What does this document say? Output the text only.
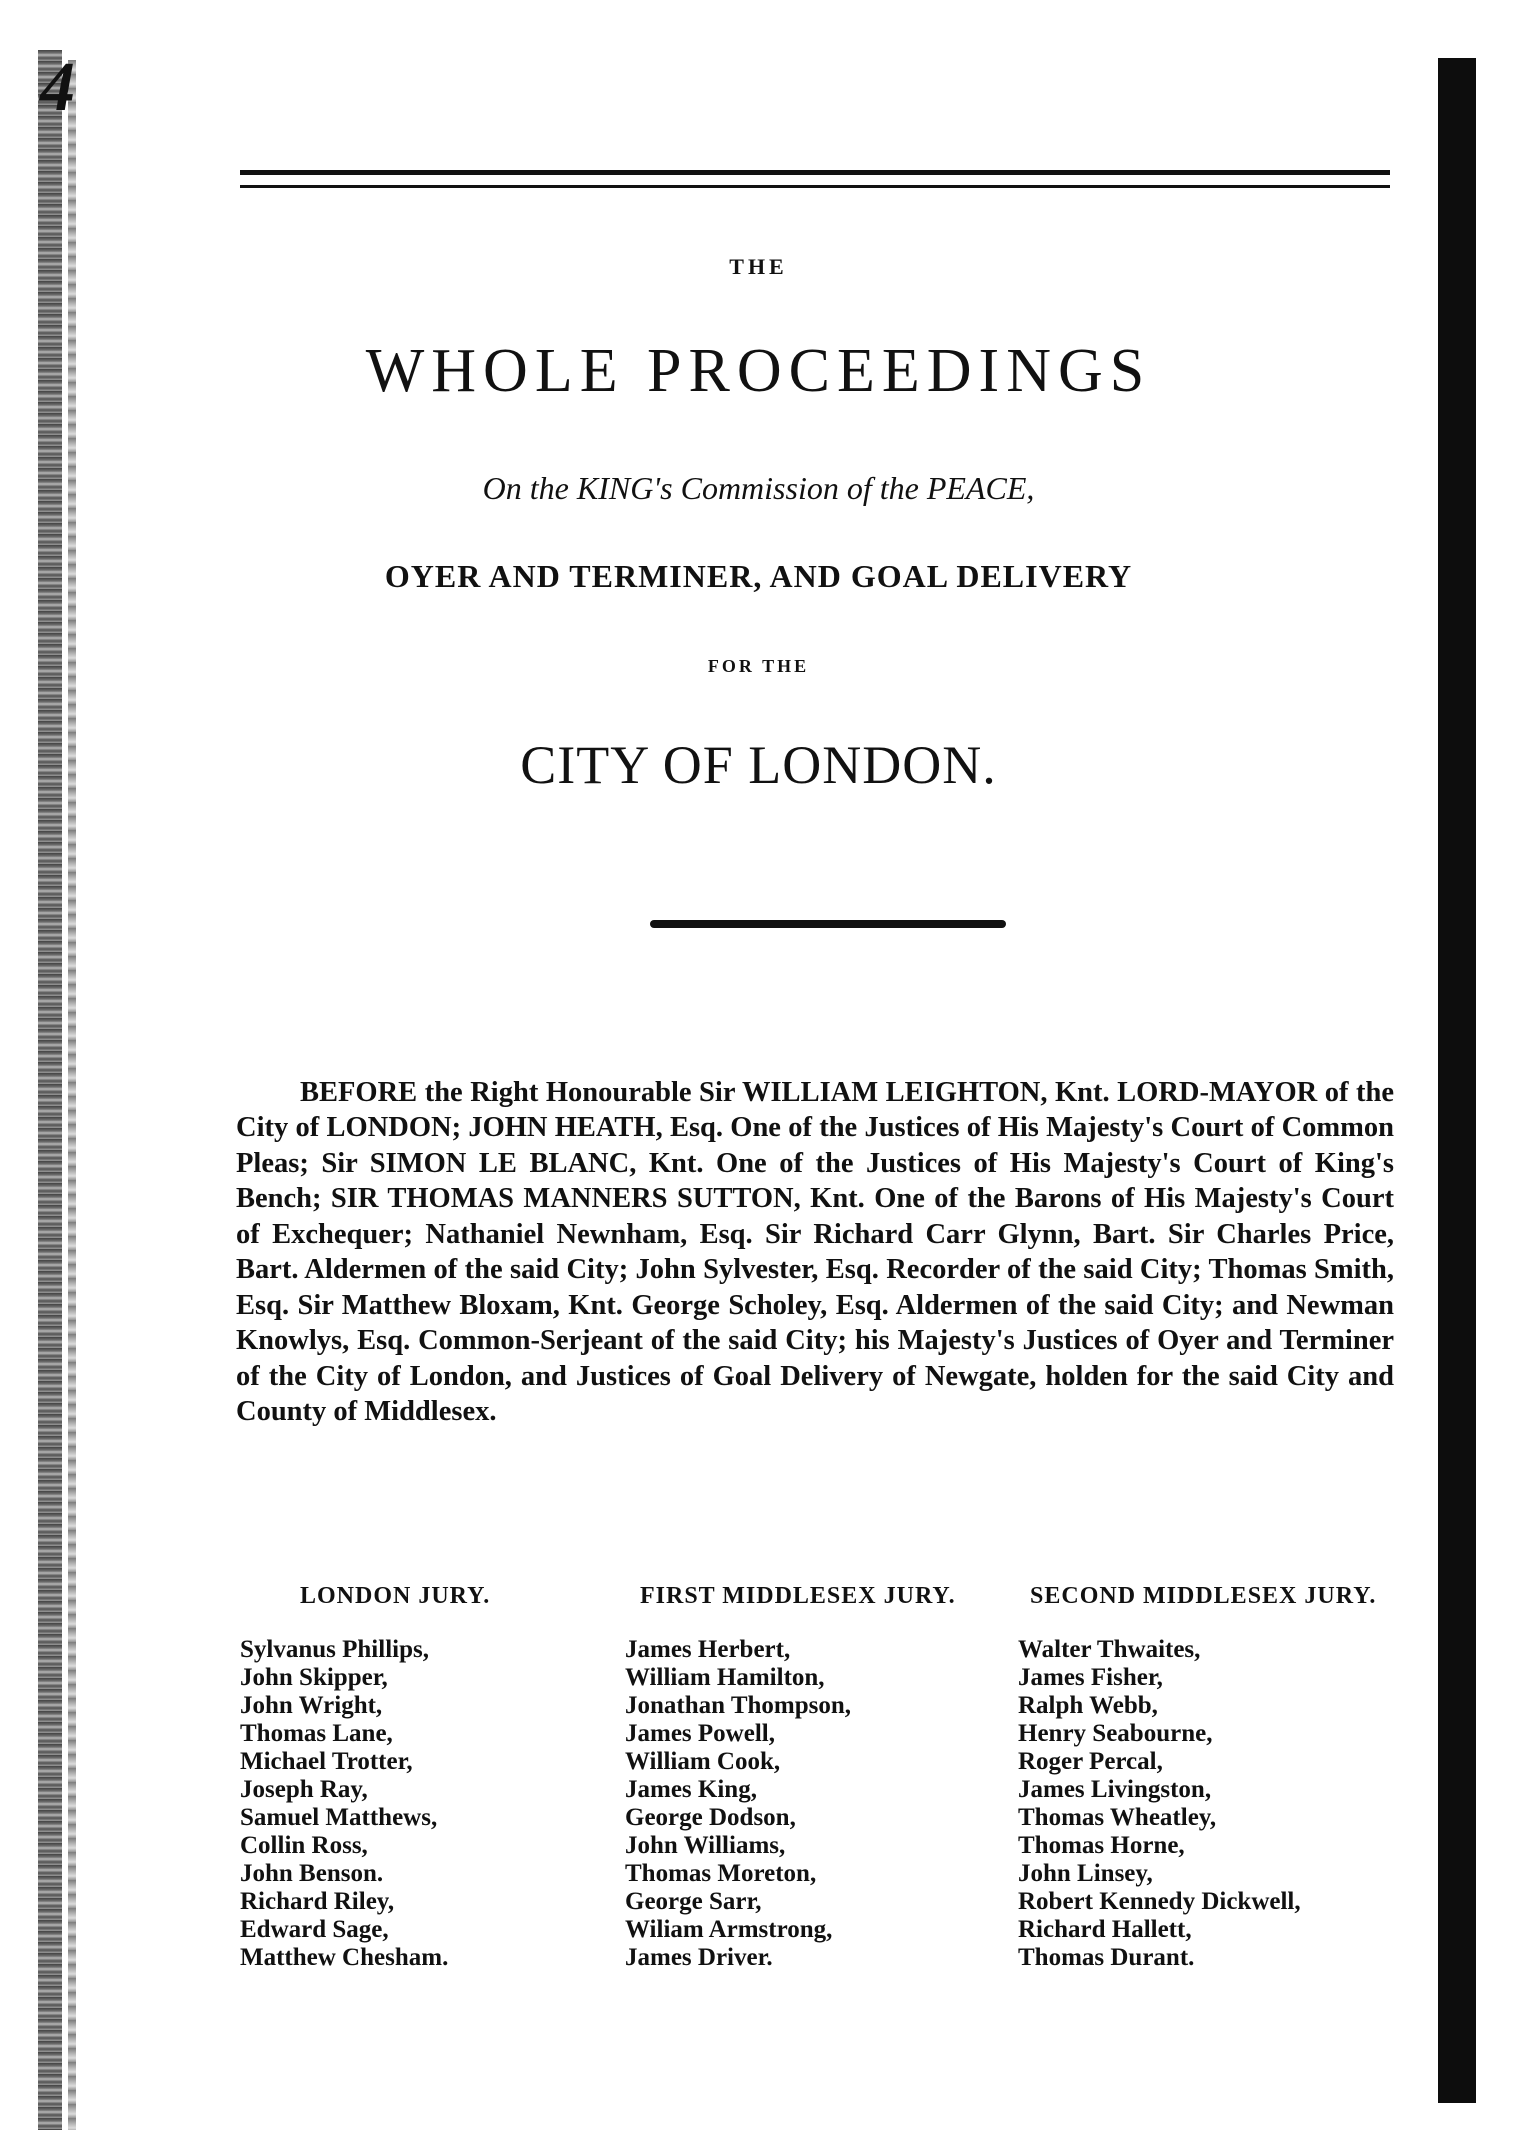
4
THE
WHOLE PROCEEDINGS
On the KING's Commission of the PEACE,
OYER AND TERMINER, AND GOAL DELIVERY
FOR THE
CITY OF LONDON.

BEFORE the Right Honourable Sir WILLIAM LEIGHTON, Knt. LORD-MAYOR of the City of LONDON; JOHN HEATH, Esq. One of the Justices of His Majesty's Court of Common Pleas; Sir SIMON LE BLANC, Knt. One of the Justices of His Majesty's Court of King's Bench; SIR THOMAS MANNERS SUTTON, Knt. One of the Barons of His Majesty's Court of Exchequer; Nathaniel Newnham, Esq. Sir Richard Carr Glynn, Bart. Sir Charles Price, Bart. Aldermen of the said City; John Sylvester, Esq. Recorder of the said City; Thomas Smith, Esq. Sir Matthew Bloxam, Knt. George Scholey, Esq. Aldermen of the said City; and Newman Knowlys, Esq. Common-Serjeant of the said City; his Majesty's Justices of Oyer and Terminer of the City of London, and Justices of Goal Delivery of Newgate, holden for the said City and County of Middlesex.

LONDON JURY.	FIRST MIDDLESEX JURY.	SECOND MIDDLESEX JURY.
Sylvanus Phillips,
John Skipper,
John Wright,
Thomas Lane,
Michael Trotter,
Joseph Ray,
Samuel Matthews,
Collin Ross,
John Benson.
Richard Riley,
Edward Sage,
Matthew Chesham.
James Herbert,
William Hamilton,
Jonathan Thompson,
James Powell,
William Cook,
James King,
George Dodson,
John Williams,
Thomas Moreton,
George Sarr,
Wiliam Armstrong,
James Driver.
Walter Thwaites,
James Fisher,
Ralph Webb,
Henry Seabourne,
Roger Percal,
James Livingston,
Thomas Wheatley,
Thomas Horne,
John Linsey,
Robert Kennedy Dickwell,
Richard Hallett,
Thomas Durant.
